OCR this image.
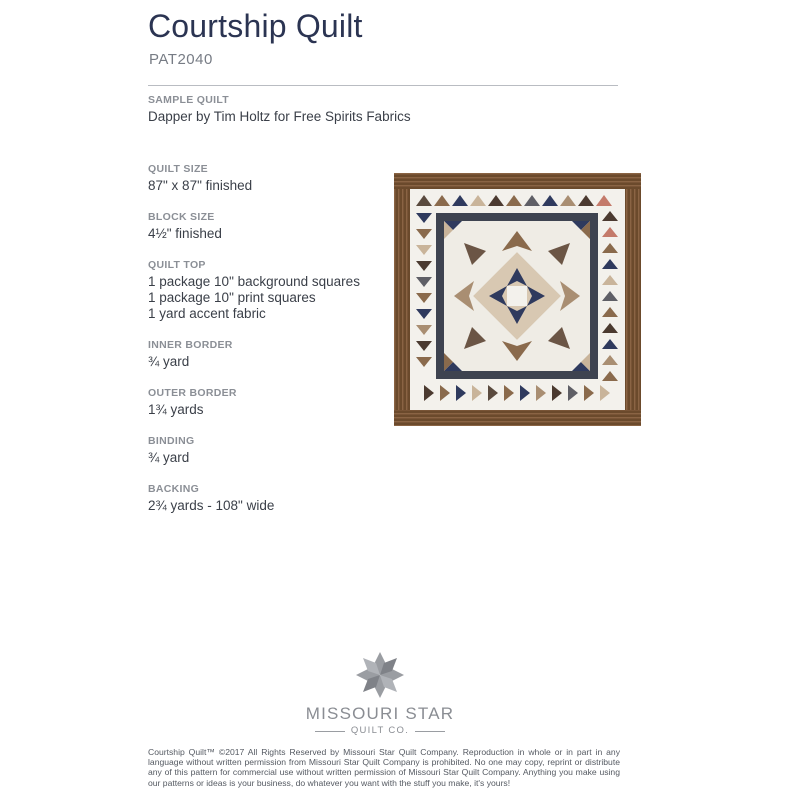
Courtship Quilt
PAT2040
SAMPLE QUILT
Dapper by Tim Holtz for Free Spirits Fabrics
QUILT SIZE
87" x 87" finished
BLOCK SIZE
4½" finished
QUILT TOP
1 package 10" background squares
1 package 10" print squares
1 yard accent fabric
INNER BORDER
¾ yard
OUTER BORDER
1¾ yards
BINDING
¾ yard
BACKING
2¾ yards - 108" wide
MISSOURI STAR
QUILT CO.
Courtship Quilt™ ©2017 All Rights Reserved by Missouri Star Quilt Company. Reproduction in whole or in part in any language without written permission from Missouri Star Quilt Company is prohibited. No one may copy, reprint or distribute any of this pattern for commercial use without written permission of Missouri Star Quilt Company. Anything you make using our patterns or ideas is your business, do whatever you want with the stuff you make, it's yours!
